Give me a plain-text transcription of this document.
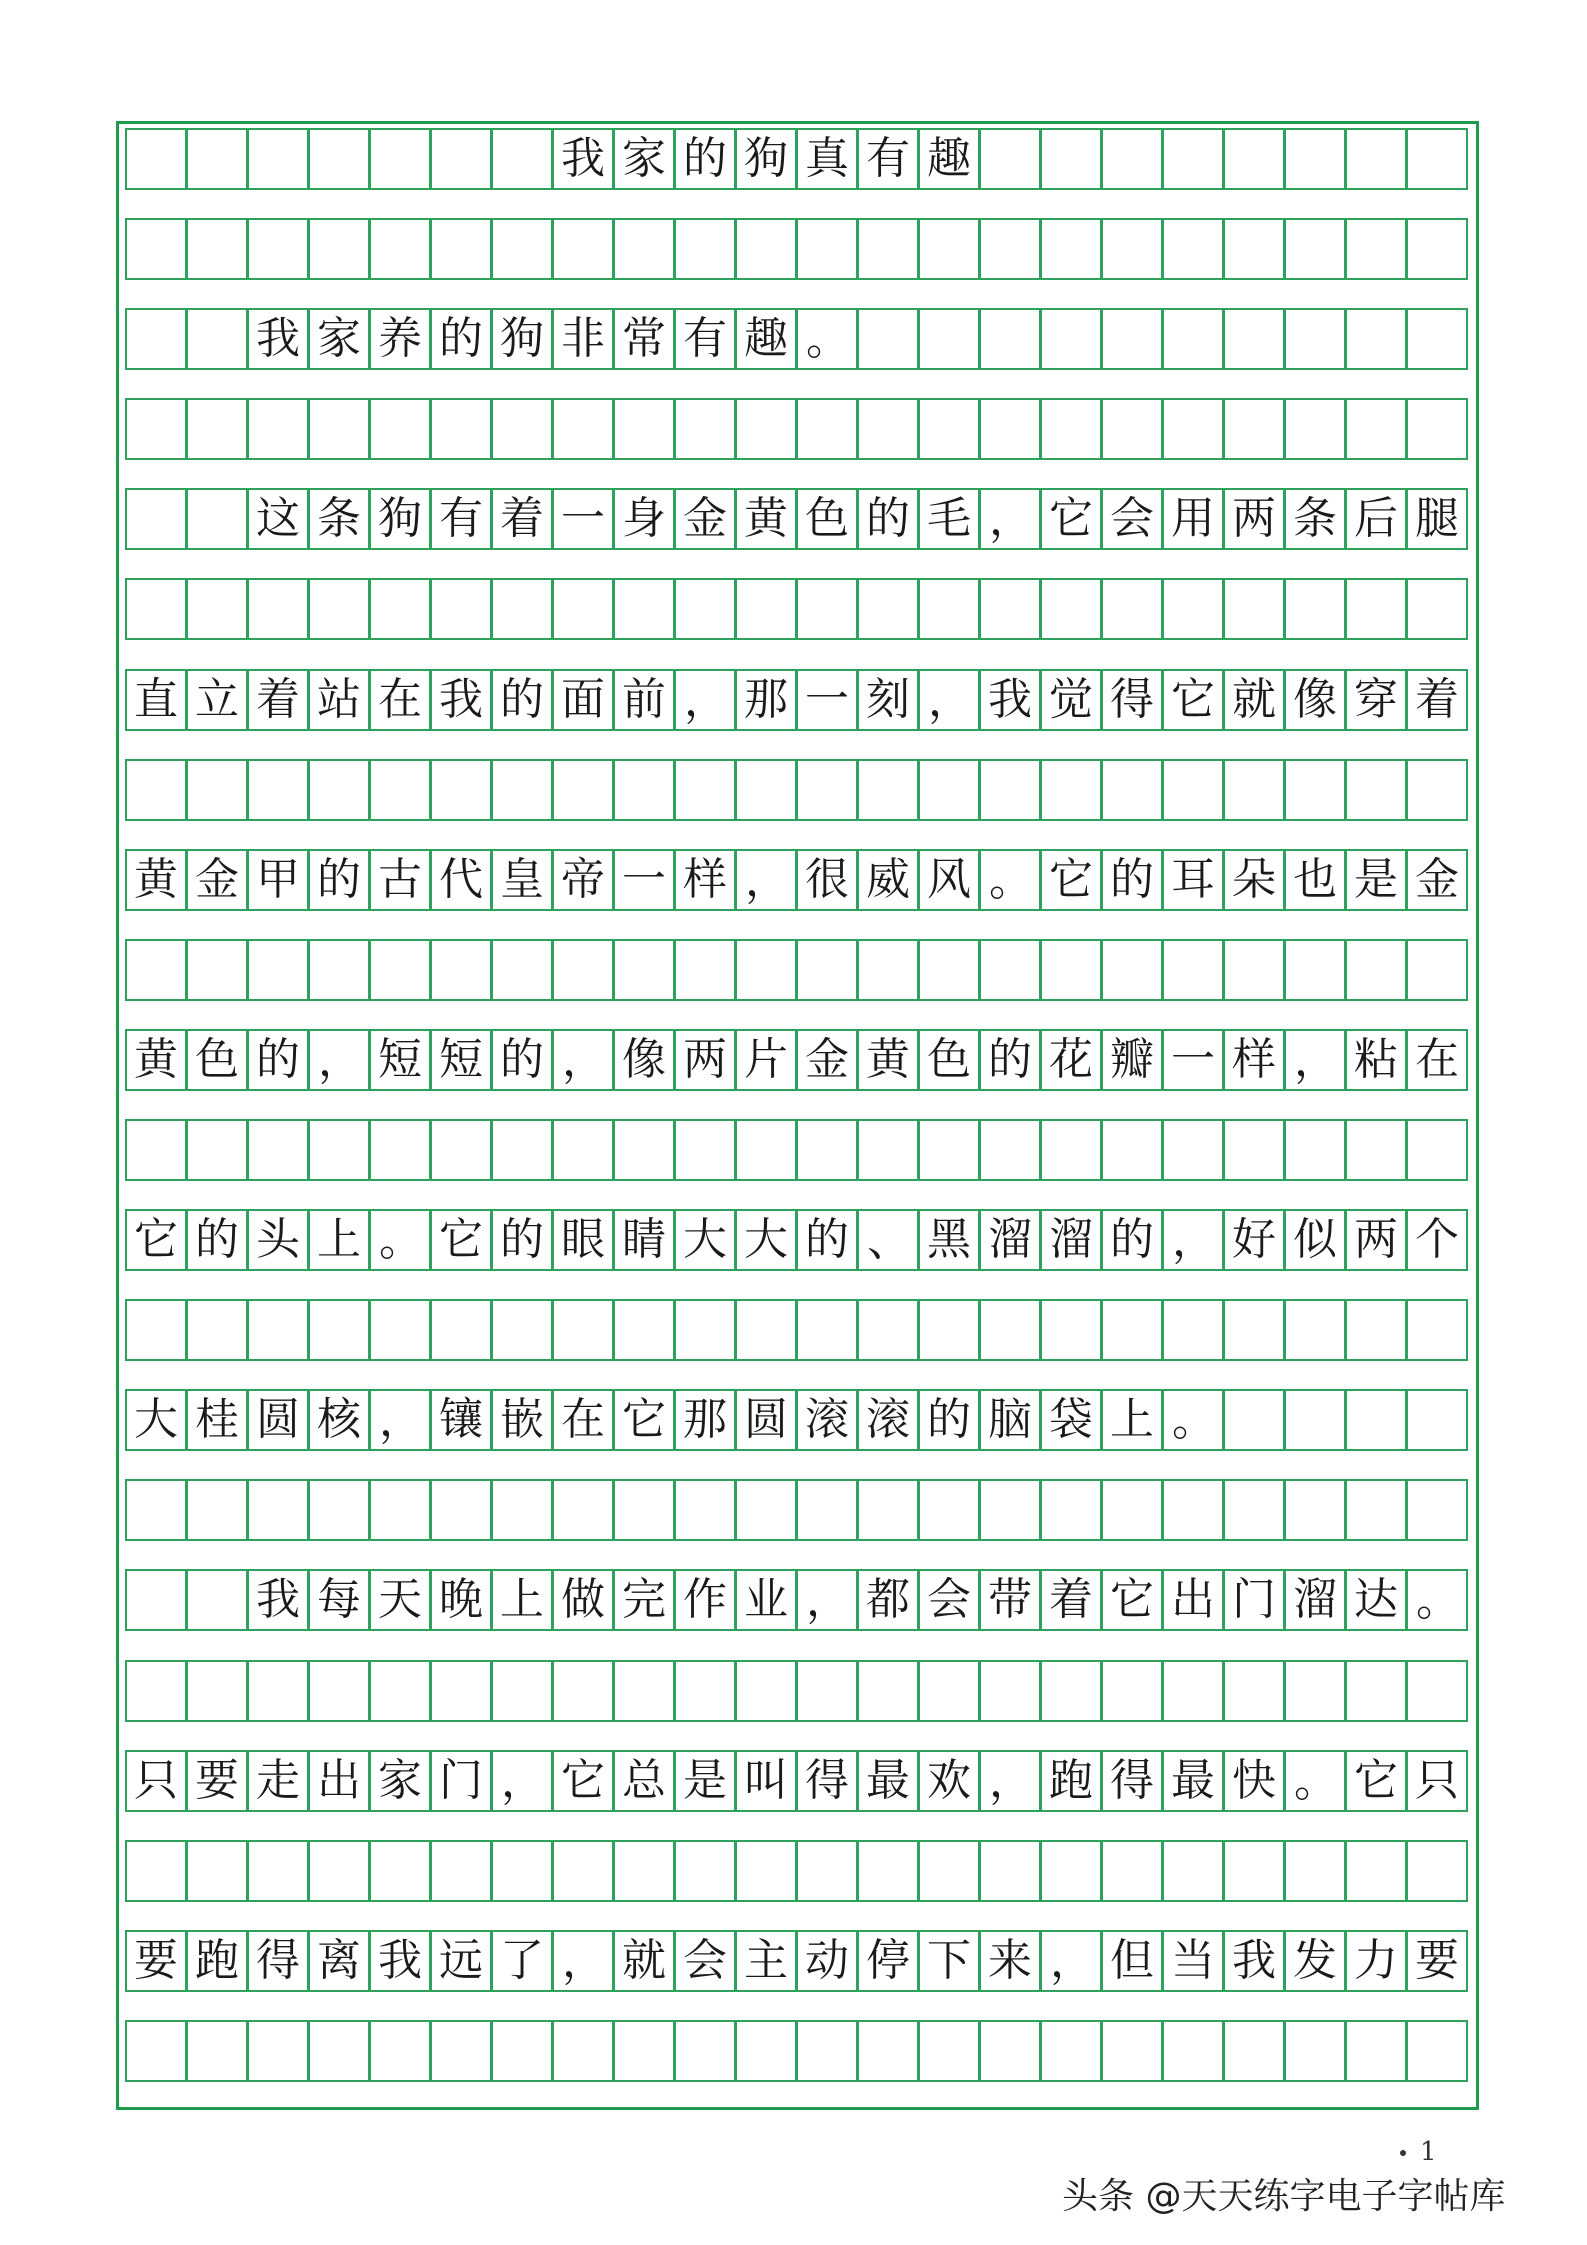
我 家 的 狗 真 有 趣
我 家 养 的 狗 非 常 有 趣 。
这 条 狗 有 着 一 身 金 黄 色 的 毛 ， 它 会 用 两 条 后 腿
直 立 着 站 在 我 的 面 前 ， 那 一 刻 ， 我 觉 得 它 就 像 穿 着
黄 金 甲 的 古 代 皇 帝 一 样 ， 很 威 风 。 它 的 耳 朵 也 是 金
黄 色 的 ， 短 短 的 ， 像 两 片 金 黄 色 的 花 瓣 一 样 ， 粘 在
它 的 头 上 。 它 的 眼 睛 大 大 的 、 黑 溜 溜 的 ， 好 似 两 个
大 桂 圆 核 ， 镶 嵌 在 它 那 圆 滚 滚 的 脑 袋 上 。
我 每 天 晚 上 做 完 作 业 ， 都 会 带 着 它 出 门 溜 达 。
只 要 走 出 家 门 ， 它 总 是 叫 得 最 欢 ， 跑 得 最 快 。 它 只
要 跑 得 离 我 远 了 ， 就 会 主 动 停 下 来 ， 但 当 我 发 力 要
1
头条 @天天练字电子字帖库
